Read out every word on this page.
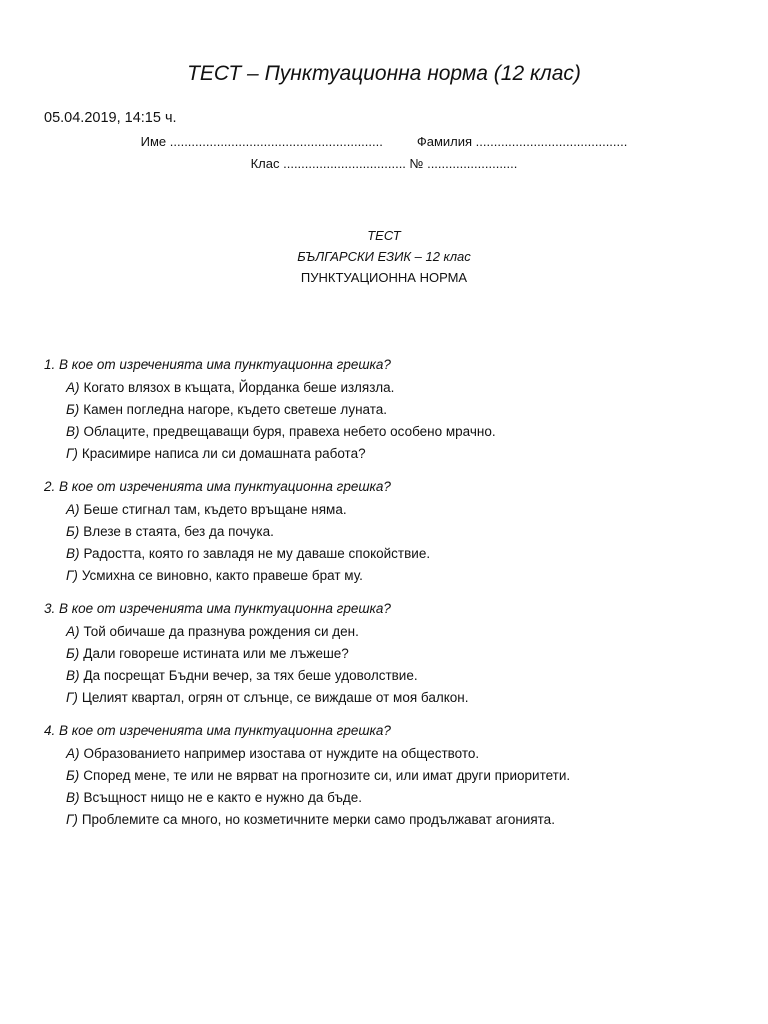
ТЕСТ – Пунктуационна норма (12 клас)
05.04.2019, 14:15 ч.
Име ...........................................................	Фамилия ..........................................
Клас .................................. № .........................
ТЕСТ
БЪЛГАРСКИ ЕЗИК – 12 клас
ПУНКТУАЦИОННА НОРМА
1. В кое от изреченията има пунктуационна грешка?
А) Когато влязох в къщата, Йорданка беше излязла.
Б) Камен погледна нагоре, където светеше луната.
В) Облаците, предвещаващи буря, правеха небето особено мрачно.
Г) Красимире написа ли си домашната работа?
2. В кое от изреченията има пунктуационна грешка?
А) Беше стигнал там, където връщане няма.
Б) Влезе в стаята, без да почука.
В) Радостта, която го завладя не му даваше спокойствие.
Г) Усмихна се виновно, както правеше брат му.
3. В кое от изреченията има пунктуационна грешка?
А) Той обичаше да празнува рождения си ден.
Б) Дали говореше истината или ме лъжеше?
В) Да посрещат Бъдни вечер, за тях беше удоволствие.
Г) Целият квартал, огрян от слънце, се виждаше от моя балкон.
4. В кое от изреченията има пунктуационна грешка?
А) Образованието например изостава от нуждите на обществото.
Б) Според мене, те или не вярват на прогнозите си, или имат други приоритети.
В) Всъщност нищо не е както е нужно да бъде.
Г) Проблемите са много, но козметичните мерки само продължават агонията.
